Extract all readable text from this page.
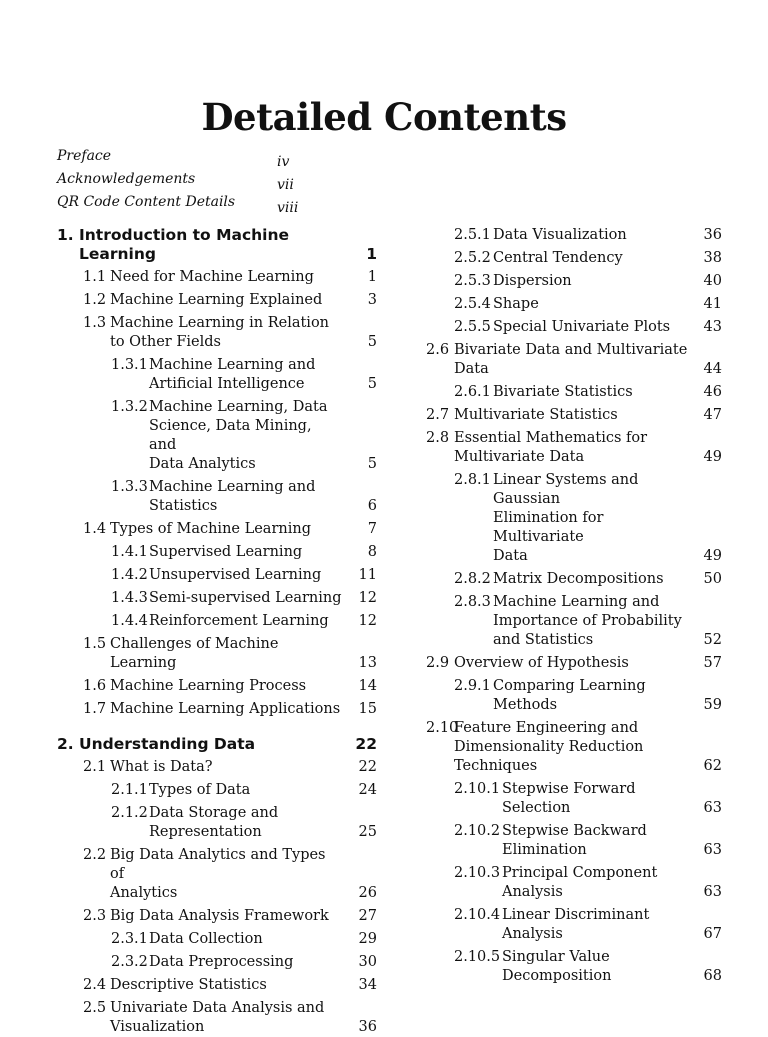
Detailed Contents
Preface	iv
Acknowledgements	vii
QR Code Content Details	viii
1. Introduction to Machine
Learning	1
1.1 Need for Machine Learning	1
1.2 Machine Learning Explained	3
1.3 Machine Learning in Relation
to Other Fields	5
1.3.1 Machine Learning and
Artificial Intelligence	5
1.3.2 Machine Learning, Data
Science, Data Mining, and
Data Analytics	5
1.3.3 Machine Learning and
Statistics	6
1.4 Types of Machine Learning	7
1.4.1 Supervised Learning	8
1.4.2 Unsupervised Learning	11
1.4.3 Semi-supervised Learning	12
1.4.4 Reinforcement Learning	12
1.5 Challenges of Machine Learning	13
1.6 Machine Learning Process	14
1.7 Machine Learning Applications	15
2. Understanding Data	22
2.1 What is Data?	22
2.1.1 Types of Data	24
2.1.2 Data Storage and
Representation	25
2.2 Big Data Analytics and Types of
Analytics	26
2.3 Big Data Analysis Framework	27
2.3.1 Data Collection	29
2.3.2 Data Preprocessing	30
2.4 Descriptive Statistics	34
2.5 Univariate Data Analysis and
Visualization	36
2.5.1 Data Visualization	36
2.5.2 Central Tendency	38
2.5.3 Dispersion	40
2.5.4 Shape	41
2.5.5 Special Univariate Plots	43
2.6 Bivariate Data and Multivariate
Data	44
2.6.1 Bivariate Statistics	46
2.7 Multivariate Statistics	47
2.8 Essential Mathematics for
Multivariate Data	49
2.8.1 Linear Systems and Gaussian
Elimination for Multivariate
Data	49
2.8.2 Matrix Decompositions	50
2.8.3 Machine Learning and
Importance of Probability
and Statistics	52
2.9 Overview of Hypothesis	57
2.9.1 Comparing Learning
Methods	59
2.10
Feature Engineering and
Dimensionality Reduction
Techniques	62
2.10.1 Stepwise Forward
Selection	63
2.10.2 Stepwise Backward
Elimination	63
2.10.3 Principal Component
Analysis	63
2.10.4 Linear Discriminant
Analysis	67
2.10.5 Singular Value
Decomposition	68
